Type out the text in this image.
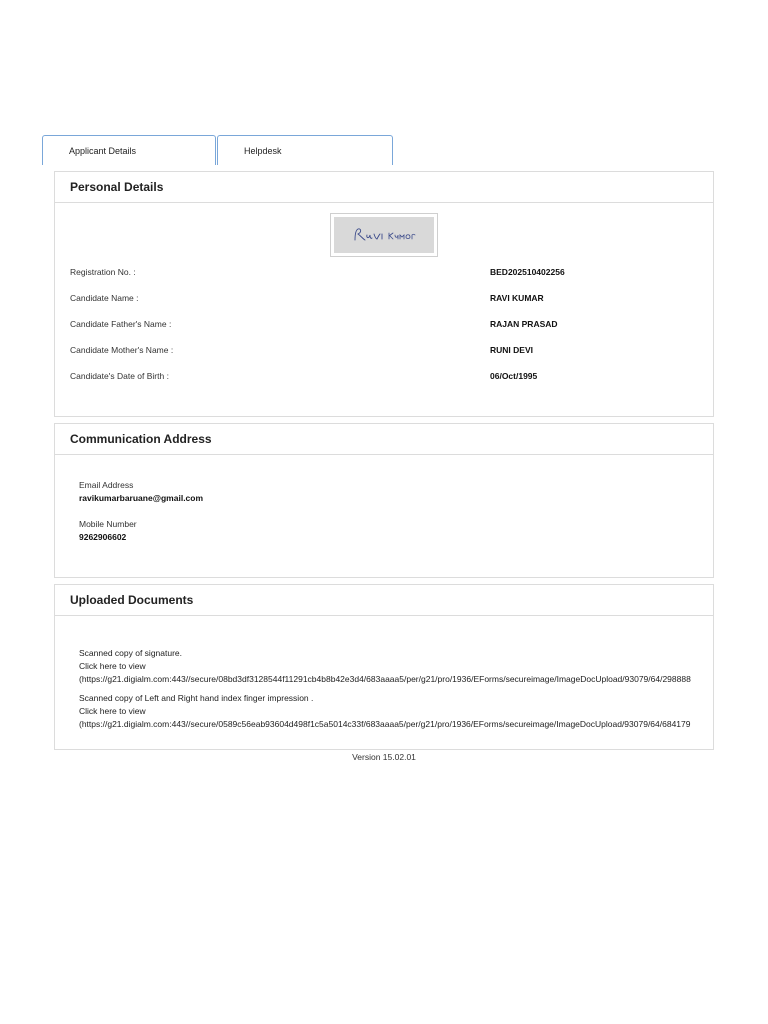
Applicant Details	Helpdesk
Personal Details
Registration No. :	BED202510402256
Candidate Name :	RAVI KUMAR
Candidate Father's Name :	RAJAN PRASAD
Candidate Mother's Name :	RUNI DEVI
Candidate's Date of Birth :	06/Oct/1995
Communication Address
Email Address
ravikumarbaruane@gmail.com
Mobile Number
9262906602
Uploaded Documents
Scanned copy of signature.
Click here to view
(https://g21.digialm.com:443//secure/08bd3df3128544f11291cb4b8b42e3d4/683aaaa5/per/g21/pro/1936/EForms/secureimage/ImageDocUpload/93079/64/298888
Scanned copy of Left and Right hand index finger impression .
Click here to view
(https://g21.digialm.com:443//secure/0589c56eab93604d498f1c5a5014c33f/683aaaa5/per/g21/pro/1936/EForms/secureimage/ImageDocUpload/93079/64/684179
Version 15.02.01
